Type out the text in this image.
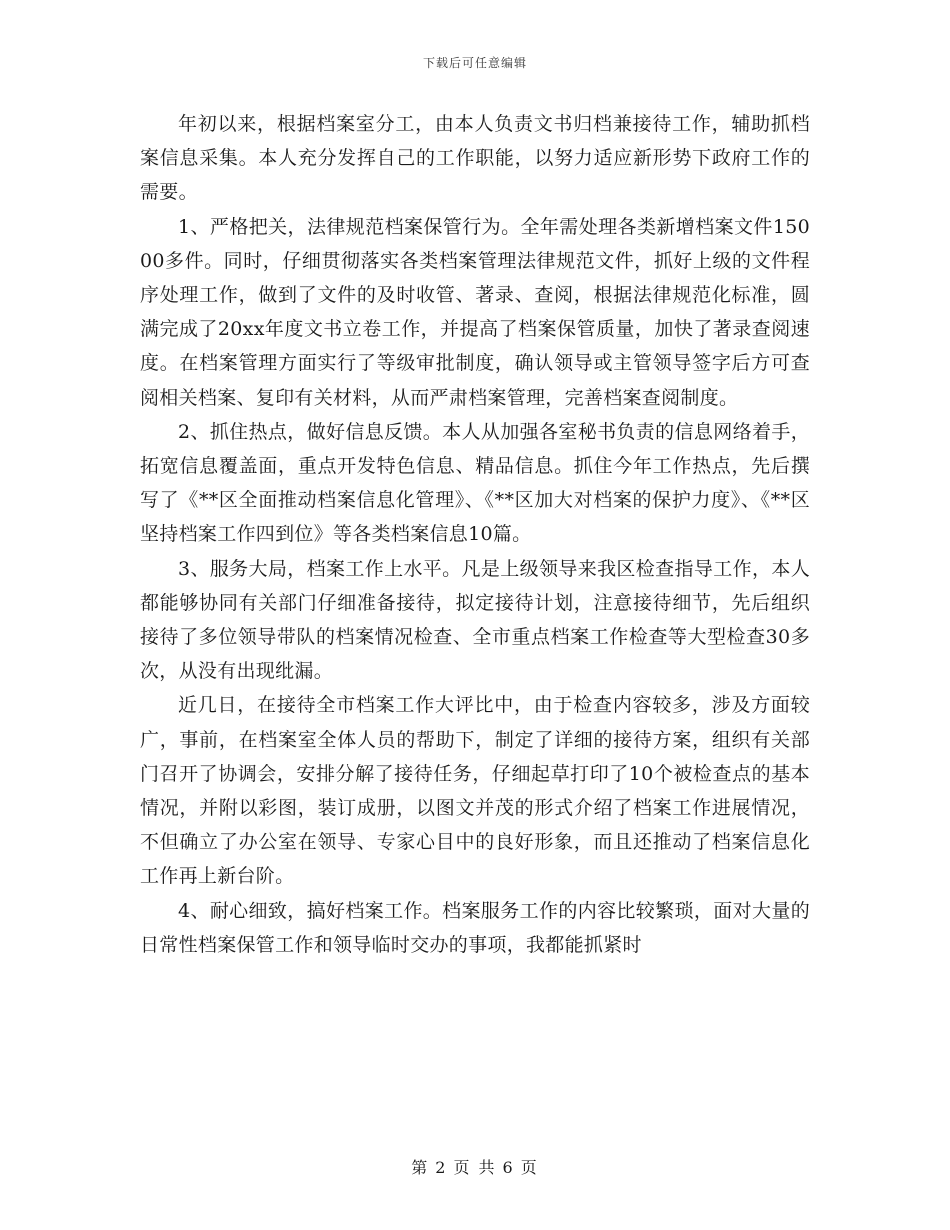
下载后可任意编辑

年初以来，根据档案室分工，由本人负责文书归档兼接待工作，辅助抓档案信息采集。本人充分发挥自己的工作职能，以努力适应新形势下政府工作的需要。

1、严格把关，法律规范档案保管行为。全年需处理各类新增档案文件15000多件。同时，仔细贯彻落实各类档案管理法律规范文件，抓好上级的文件程序处理工作，做到了文件的及时收管、著录、查阅，根据法律规范化标准，圆满完成了20xx年度文书立卷工作，并提高了档案保管质量，加快了著录查阅速度。在档案管理方面实行了等级审批制度，确认领导或主管领导签字后方可查阅相关档案、复印有关材料，从而严肃档案管理，完善档案查阅制度。

2、抓住热点，做好信息反馈。本人从加强各室秘书负责的信息网络着手，拓宽信息覆盖面，重点开发特色信息、精品信息。抓住今年工作热点，先后撰写了《**区全面推动档案信息化管理》、《**区加大对档案的保护力度》、《**区坚持档案工作四到位》等各类档案信息10篇。

3、服务大局，档案工作上水平。凡是上级领导来我区检查指导工作，本人都能够协同有关部门仔细准备接待，拟定接待计划，注意接待细节，先后组织接待了多位领导带队的档案情况检查、全市重点档案工作检查等大型检查30多次，从没有出现纰漏。

近几日，在接待全市档案工作大评比中，由于检查内容较多，涉及方面较广，事前，在档案室全体人员的帮助下，制定了详细的接待方案，组织有关部门召开了协调会，安排分解了接待任务，仔细起草打印了10个被检查点的基本情况，并附以彩图，装订成册，以图文并茂的形式介绍了档案工作进展情况，不但确立了办公室在领导、专家心目中的良好形象，而且还推动了档案信息化工作再上新台阶。

4、耐心细致，搞好档案工作。档案服务工作的内容比较繁琐，面对大量的日常性档案保管工作和领导临时交办的事项，我都能抓紧时

第 2 页 共 6 页
